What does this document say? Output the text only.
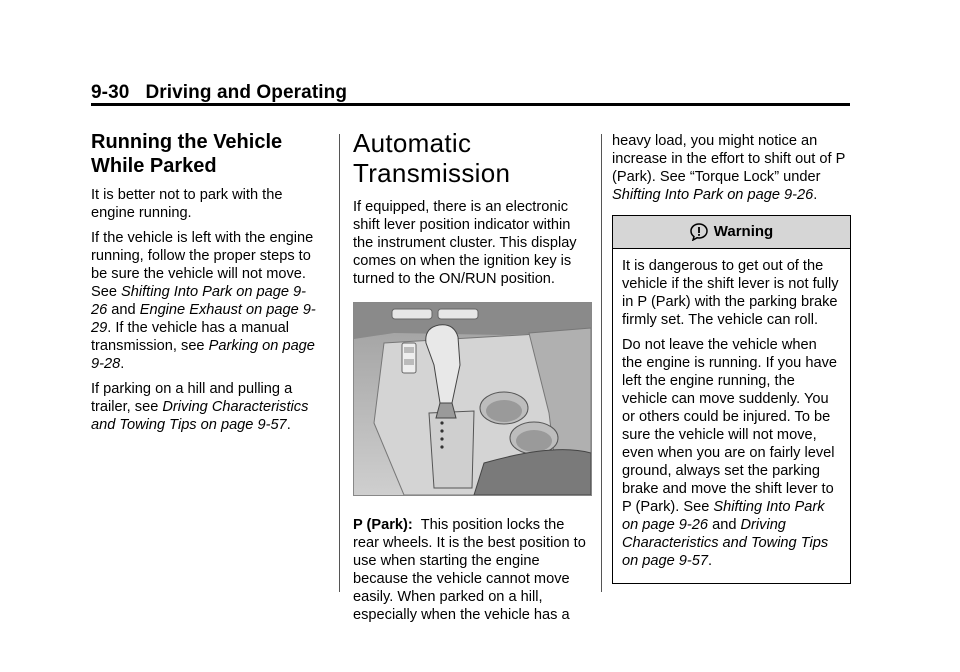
9-30 Driving and Operating
Running the Vehicle While Parked

It is better not to park with the engine running.

If the vehicle is left with the engine running, follow the proper steps to be sure the vehicle will not move. See Shifting Into Park on page 9-26 and Engine Exhaust on page 9-29. If the vehicle has a manual transmission, see Parking on page 9-28.

If parking on a hill and pulling a trailer, see Driving Characteristics and Towing Tips on page 9-57.

Automatic Transmission

If equipped, there is an electronic shift lever position indicator within the instrument cluster. This display comes on when the ignition key is turned to the ON/RUN position.

P (Park): This position locks the rear wheels. It is the best position to use when starting the engine because the vehicle cannot move easily. When parked on a hill, especially when the vehicle has a

heavy load, you might notice an increase in the effort to shift out of P (Park). See “Torque Lock” under Shifting Into Park on page 9-26.

Warning

It is dangerous to get out of the vehicle if the shift lever is not fully in P (Park) with the parking brake firmly set. The vehicle can roll.

Do not leave the vehicle when the engine is running. If you have left the engine running, the vehicle can move suddenly. You or others could be injured. To be sure the vehicle will not move, even when you are on fairly level ground, always set the parking brake and move the shift lever to P (Park). See Shifting Into Park on page 9-26 and Driving Characteristics and Towing Tips on page 9-57.
